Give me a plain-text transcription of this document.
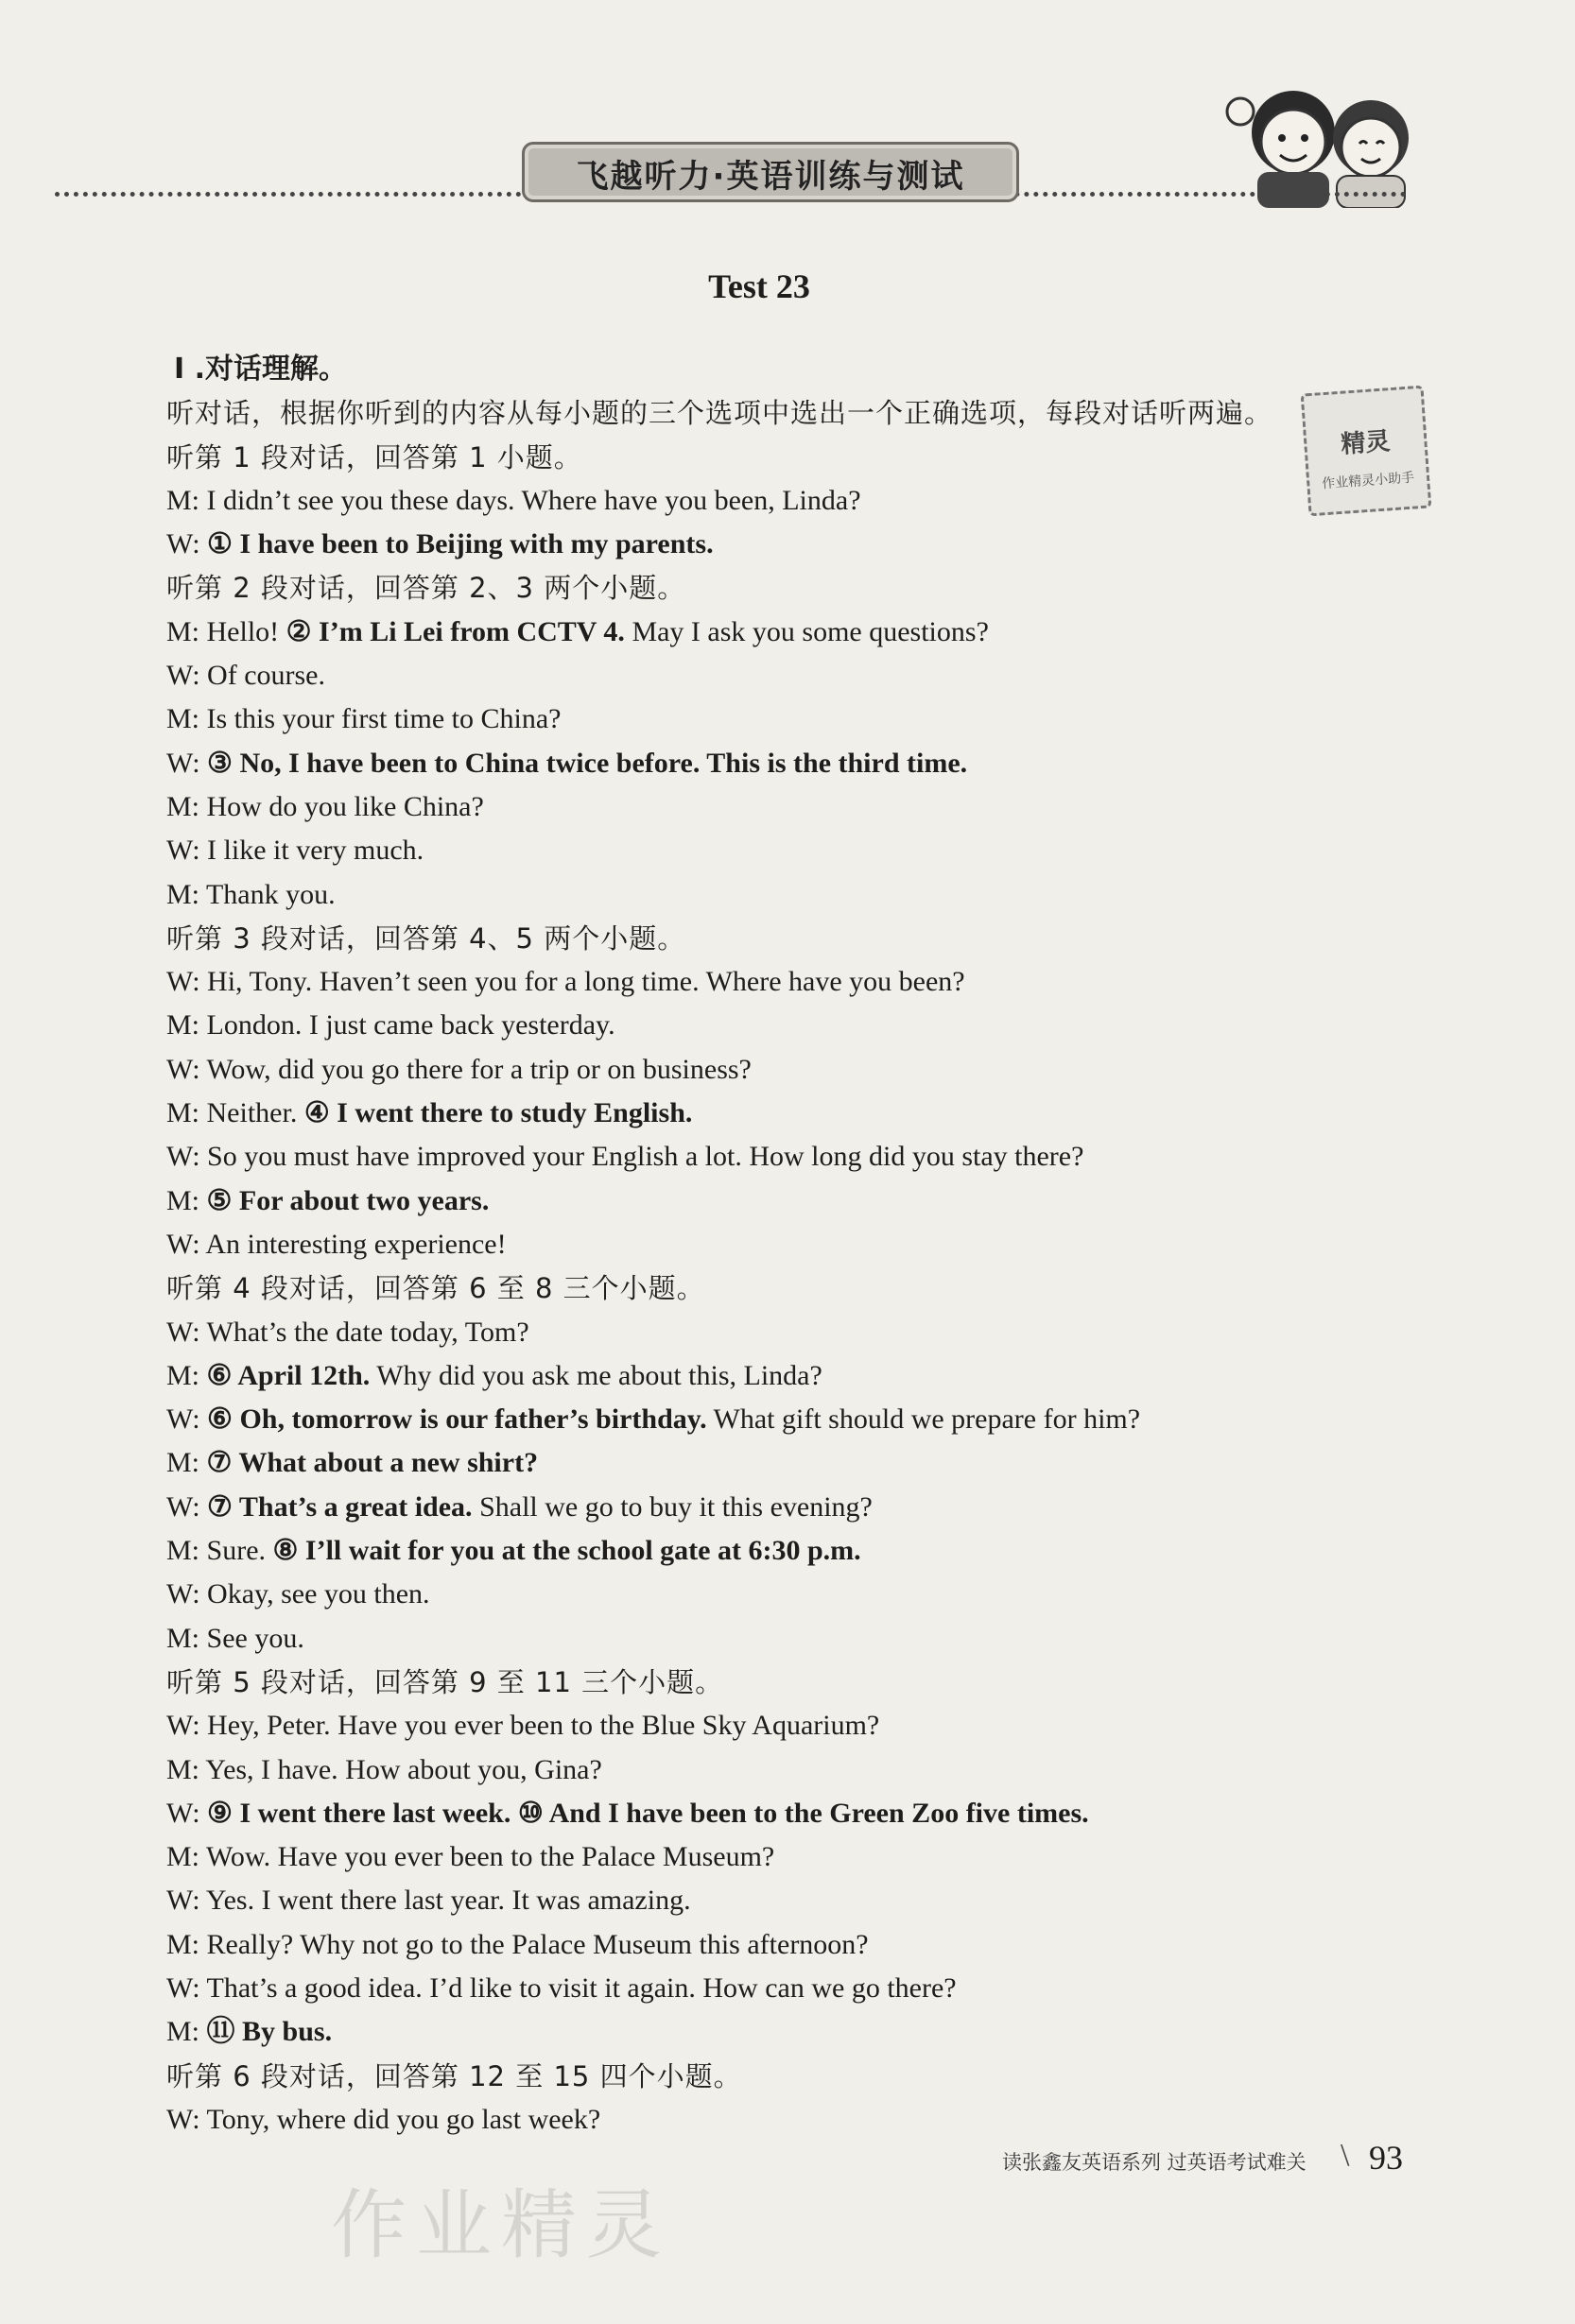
飞越听力·英语训练与测试
精灵
作业精灵小助手
Test 23
I .对话理解。
听对话，根据你听到的内容从每小题的三个选项中选出一个正确选项，每段对话听两遍。
听第 1 段对话，回答第 1 小题。
M: I didn’t see you these days. Where have you been, Linda?
W: ① I have been to Beijing with my parents.
听第 2 段对话，回答第 2、3 两个小题。
M: Hello! ② I’m Li Lei from CCTV 4. May I ask you some questions?
W: Of course.
M: Is this your first time to China?
W: ③ No, I have been to China twice before. This is the third time.
M: How do you like China?
W: I like it very much.
M: Thank you.
听第 3 段对话，回答第 4、5 两个小题。
W: Hi, Tony. Haven’t seen you for a long time. Where have you been?
M: London. I just came back yesterday.
W: Wow, did you go there for a trip or on business?
M: Neither. ④ I went there to study English.
W: So you must have improved your English a lot. How long did you stay there?
M: ⑤ For about two years.
W: An interesting experience!
听第 4 段对话，回答第 6 至 8 三个小题。
W: What’s the date today, Tom?
M: ⑥ April 12th. Why did you ask me about this, Linda?
W: ⑥ Oh, tomorrow is our father’s birthday. What gift should we prepare for him?
M: ⑦ What about a new shirt?
W: ⑦ That’s a great idea. Shall we go to buy it this evening?
M: Sure. ⑧ I’ll wait for you at the school gate at 6:30 p.m.
W: Okay, see you then.
M: See you.
听第 5 段对话，回答第 9 至 11 三个小题。
W: Hey, Peter. Have you ever been to the Blue Sky Aquarium?
M: Yes, I have. How about you, Gina?
W: ⑨ I went there last week. ⑩ And I have been to the Green Zoo five times.
M: Wow. Have you ever been to the Palace Museum?
W: Yes. I went there last year. It was amazing.
M: Really? Why not go to the Palace Museum this afternoon?
W: That’s a good idea. I’d like to visit it again. How can we go there?
M: ⑪ By bus.
听第 6 段对话，回答第 12 至 15 四个小题。
W: Tony, where did you go last week?
作业精灵
读张鑫友英语系列 过英语考试难关 \ 93
